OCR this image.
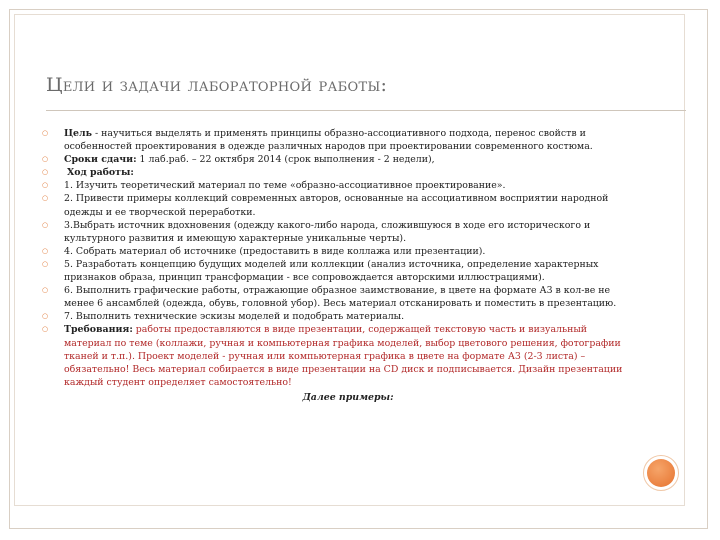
Цели и задачи лабораторной работы:
○ Цель - научиться выделять и применять принципы образно-ассоциативного подхода, перенос свойств и особенностей проектирования в одежде различных народов при проектировании современного костюма.
○ Сроки сдачи: 1 лаб.раб. – 22 октября 2014 (срок выполнения - 2 недели),
○ Ход работы:
○ 1. Изучить теоретический материал по теме «образно-ассоциативное проектирование».
○ 2. Привести примеры коллекций современных авторов, основанные на ассоциативном восприятии народной одежды и ее творческой переработки.
○ 3.Выбрать источник вдохновения (одежду какого-либо народа, сложившуюся в ходе его исторического и культурного развития и имеющую характерные уникальные черты).
○ 4. Собрать материал об источнике (предоставить в виде коллажа или презентации).
○ 5. Разработать концепцию будущих моделей или коллекции (анализ источника, определение характерных признаков образа, принцип трансформации - все сопровождается авторскими иллюстрациями).
○ 6. Выполнить графические работы, отражающие образное заимствование, в цвете на формате А3 в кол-ве не менее 6 ансамблей (одежда, обувь, головной убор). Весь материал отсканировать и поместить в презентацию.
○ 7. Выполнить технические эскизы моделей и подобрать материалы.
○ Требования: работы предоставляются в виде презентации, содержащей текстовую часть и визуальный материал по теме (коллажи, ручная и компьютерная графика моделей, выбор цветового решения, фотографии тканей и т.п.). Проект моделей - ручная или компьютерная графика в цвете на формате А3 (2-3 листа) – обязательно! Весь материал собирается в виде презентации на CD диск и подписывается. Дизайн презентации каждый студент определяет самостоятельно!
Далее примеры:
